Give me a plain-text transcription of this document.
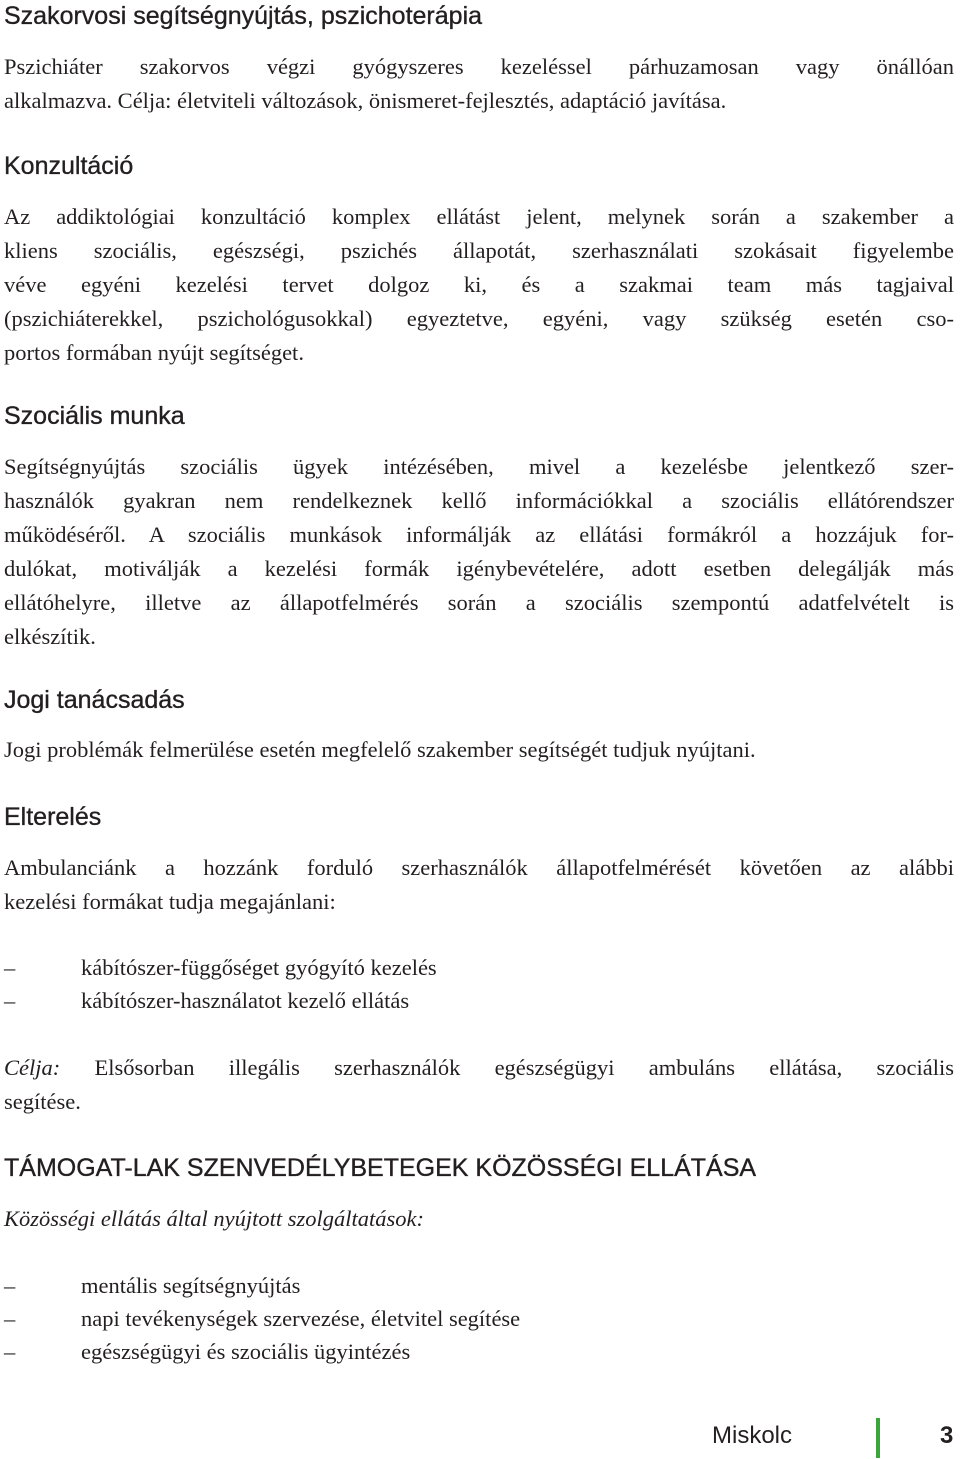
Szakorvosi segítségnyújtás, pszichoterápia

Pszichiáter szakorvos végzi gyógyszeres kezeléssel párhuzamosan vagy önállóan

alkalmazva. Célja: életviteli változások, önismeret-fejlesztés, adaptáció javítása.

Konzultáció

Az addiktológiai konzultáció komplex ellátást jelent, melynek során a szakember a

kliens szociális, egészségi, pszichés állapotát, szerhasználati szokásait figyelembe

véve egyéni kezelési tervet dolgoz ki, és a szakmai team más tagjaival

(pszichiáterekkel, pszichológusokkal) egyeztetve, egyéni, vagy szükség esetén cso-

portos formában nyújt segítséget.

Szociális munka

Segítségnyújtás szociális ügyek intézésében, mivel a kezelésbe jelentkező szer-

használók gyakran nem rendelkeznek kellő információkkal a szociális ellátórendszer

működéséről. A szociális munkások informálják az ellátási formákról a hozzájuk for-

dulókat, motiválják a kezelési formák igénybevételére, adott esetben delegálják más

ellátóhelyre, illetve az állapotfelmérés során a szociális szempontú adatfelvételt is

elkészítik.

Jogi tanácsadás

Jogi problémák felmerülése esetén megfelelő szakember segítségét tudjuk nyújtani.

Elterelés

Ambulanciánk a hozzánk forduló szerhasználók állapotfelmérését követően az alábbi

kezelési formákat tudja megajánlani:

–	kábítószer-függőséget gyógyító kezelés
–	kábítószer-használatot kezelő ellátás

Célja: Elsősorban illegális szerhasználók egészségügyi ambuláns ellátása, szociális

segítése.

TÁMOGAT-LAK SZENVEDÉLYBETEGEK KÖZÖSSÉGI ELLÁTÁSA

Közösségi ellátás által nyújtott szolgáltatások:

–	mentális segítségnyújtás
–	napi tevékenységek szervezése, életvitel segítése
–	egészségügyi és szociális ügyintézés
Miskolc	3
